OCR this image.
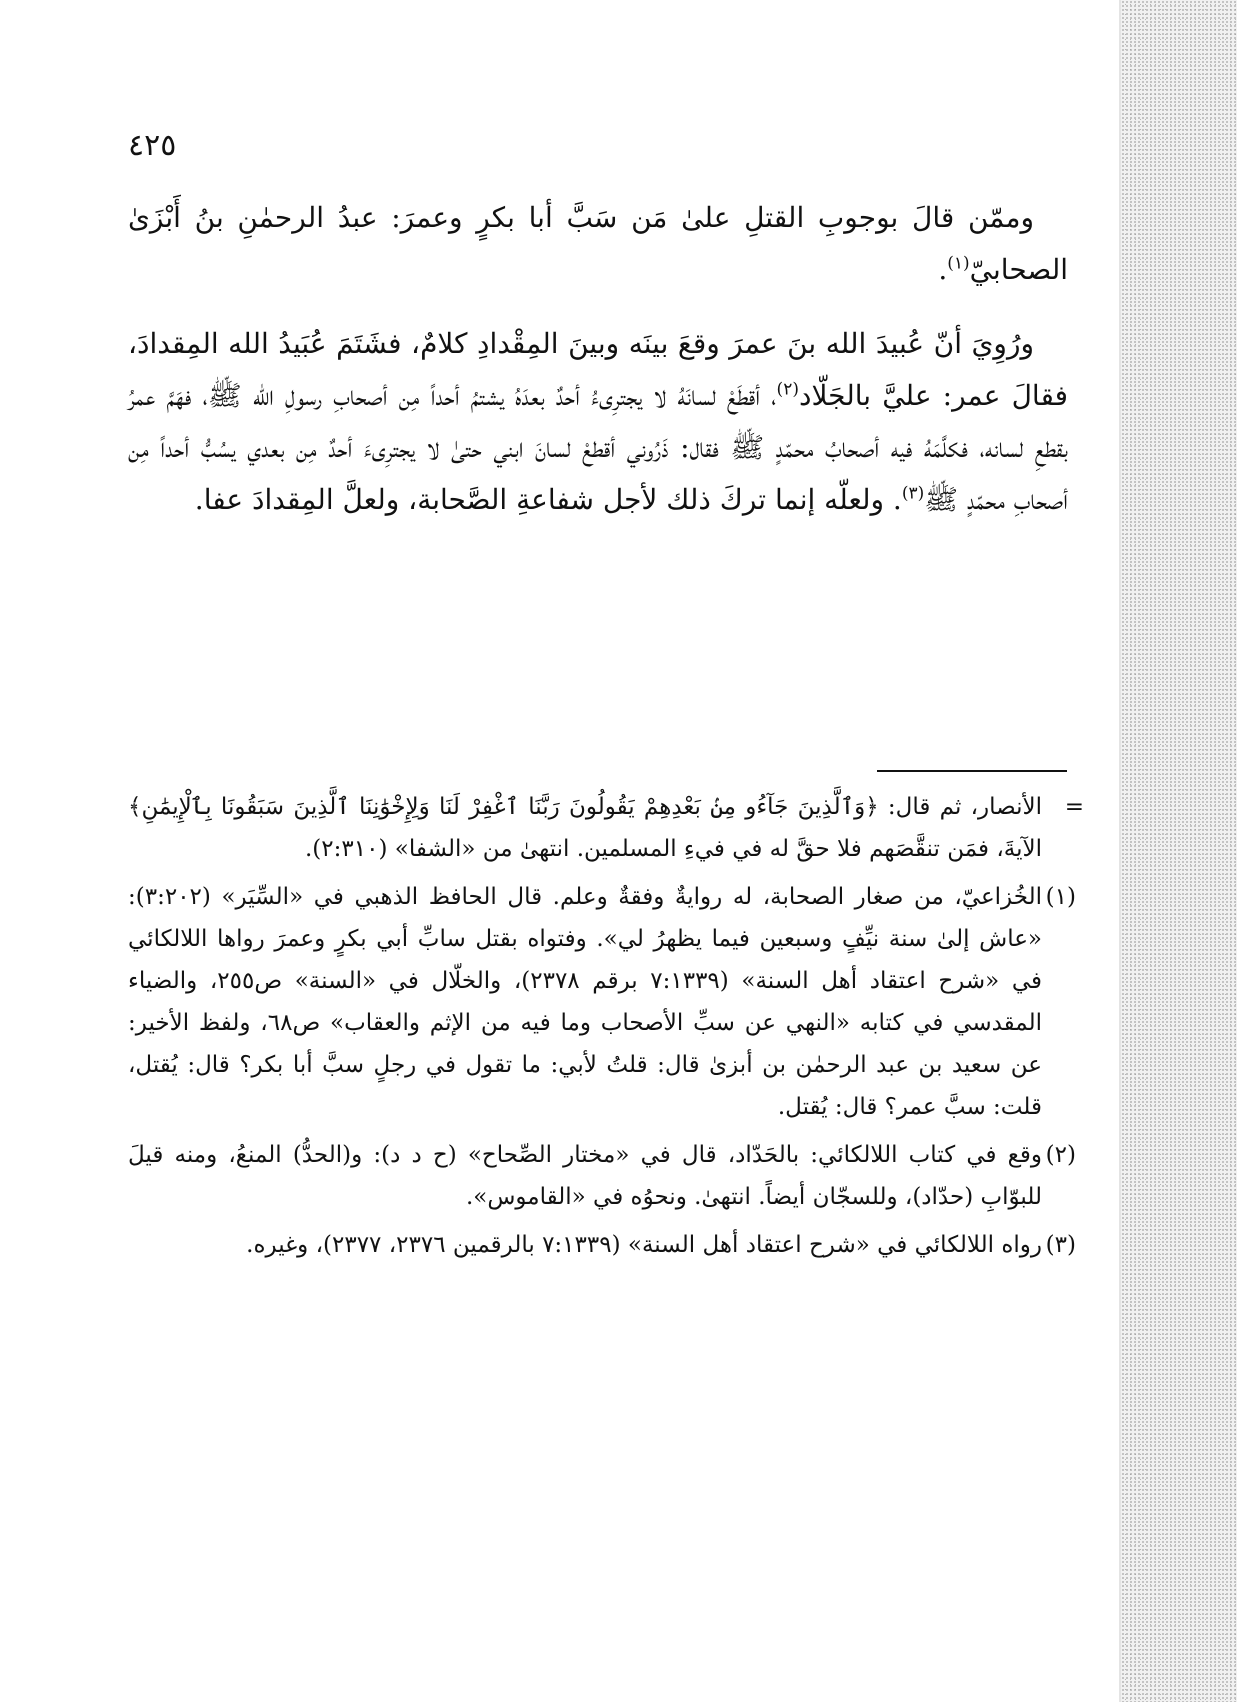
٤٢٥

وممّن قالَ بوجوبِ القتلِ علىٰ مَن سَبَّ أبا بكرٍ وعمرَ: عبدُ الرحمٰنِ بنُ أَبْزَىٰ الصحابيّ$^{(١)}$.

ورُوِيَ أنّ عُبيدَ الله بنَ عمرَ وقعَ بينَه وبينَ المِقْدادِ كلامٌ، فشَتَمَ عُبَيدُ الله المِقدادَ، فقالَ عمر: عليَّ بالجَلّاد$^{(٢)}$، أقطَعْ لسانَهُ لا يجترِىءُ أحدٌ بعدَهُ يشتمُ أحداً مِن أصحابِ رسولِ الله ﷺ، فهَمَّ عمرُ بقطعِ لسانه، فكلَّمَهُ فيه أصحابُ محمّدٍ ﷺ فقال: ذَرُوني أقطعْ لسانَ ابني حتىٰ لا يجترِىءَ أحدٌ مِن بعدي يسُبُّ أحداً مِن أصحابِ محمّدٍ ﷺ$^{(٣)}$. ولعلّه إنما تركَ ذلك لأجل شفاعةِ الصَّحابة، ولعلَّ المِقدادَ عفا.

=
الأنصار، ثم قال: ﴿وَٱلَّذِينَ جَآءُو مِنۢ بَعْدِهِمْ يَقُولُونَ رَبَّنَا ٱغْفِرْ لَنَا وَلِإِخْوَٰنِنَا ٱلَّذِينَ سَبَقُونَا بِٱلْإِيمَٰنِ﴾ الآيةَ، فمَن تنقَّصَهم فلا حقَّ له في فيءِ المسلمين. انتهىٰ من «الشفا» (٢:٣١٠).
(١)
الخُزاعيّ، من صغار الصحابة، له روايةٌ وفقةٌ وعلم. قال الحافظ الذهبي في «السِّيَر» (٣:٢٠٢): «عاش إلىٰ سنة نيِّفٍ وسبعين فيما يظهرُ لي». وفتواه بقتل سابِّ أبي بكرٍ وعمرَ رواها اللالكائي في «شرح اعتقاد أهل السنة» (٧:١٣٣٩ برقم ٢٣٧٨)، والخلّال في «السنة» ص٢٥٥، والضياء المقدسي في كتابه «النهي عن سبِّ الأصحاب وما فيه من الإثم والعقاب» ص٦٨، ولفظ الأخير: عن سعيد بن عبد الرحمٰن بن أبزىٰ قال: قلتُ لأبي: ما تقول في رجلٍ سبَّ أبا بكر؟ قال: يُقتل، قلت: سبَّ عمر؟ قال: يُقتل.
(٢)
وقع في كتاب اللالكائي: بالحَدّاد، قال في «مختار الصِّحاح» (ح د د): و(الحدُّ) المنعُ، ومنه قيلَ للبوّابِ (حدّاد)، وللسجّان أيضاً. انتهىٰ. ونحوُه في «القاموس».
(٣)
رواه اللالكائي في «شرح اعتقاد أهل السنة» (٧:١٣٣٩ بالرقمين ٢٣٧٦، ٢٣٧٧)، وغيره.
